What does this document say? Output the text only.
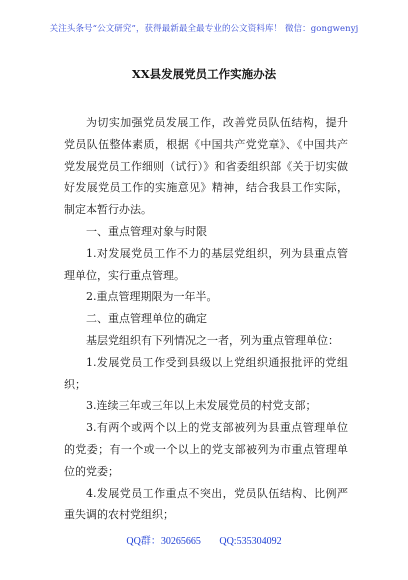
关注头条号“公文研究”，获得最新最全最专业的公文资料库！ 微信：gongwenyj
XX县发展党员工作实施办法

为切实加强党员发展工作，改善党员队伍结构，提升党员队伍整体素质，根据《中国共产党党章》、《中国共产党发展党员工作细则（试行）》和省委组织部《关于切实做好发展党员工作的实施意见》精神，结合我县工作实际，制定本暂行办法。

一、重点管理对象与时限

1.对发展党员工作不力的基层党组织，列为县重点管理单位，实行重点管理。

2.重点管理期限为一年半。

二、重点管理单位的确定

基层党组织有下列情况之一者，列为重点管理单位：

1.发展党员工作受到县级以上党组织通报批评的党组织；

3.连续三年或三年以上未发展党员的村党支部；

3.有两个或两个以上的党支部被列为县重点管理单位的党委；有一个或一个以上的党支部被列为市重点管理单位的党委；

4.发展党员工作重点不突出，党员队伍结构、比例严重失调的农村党组织；

QQ群：30265665 QQ:535304092
